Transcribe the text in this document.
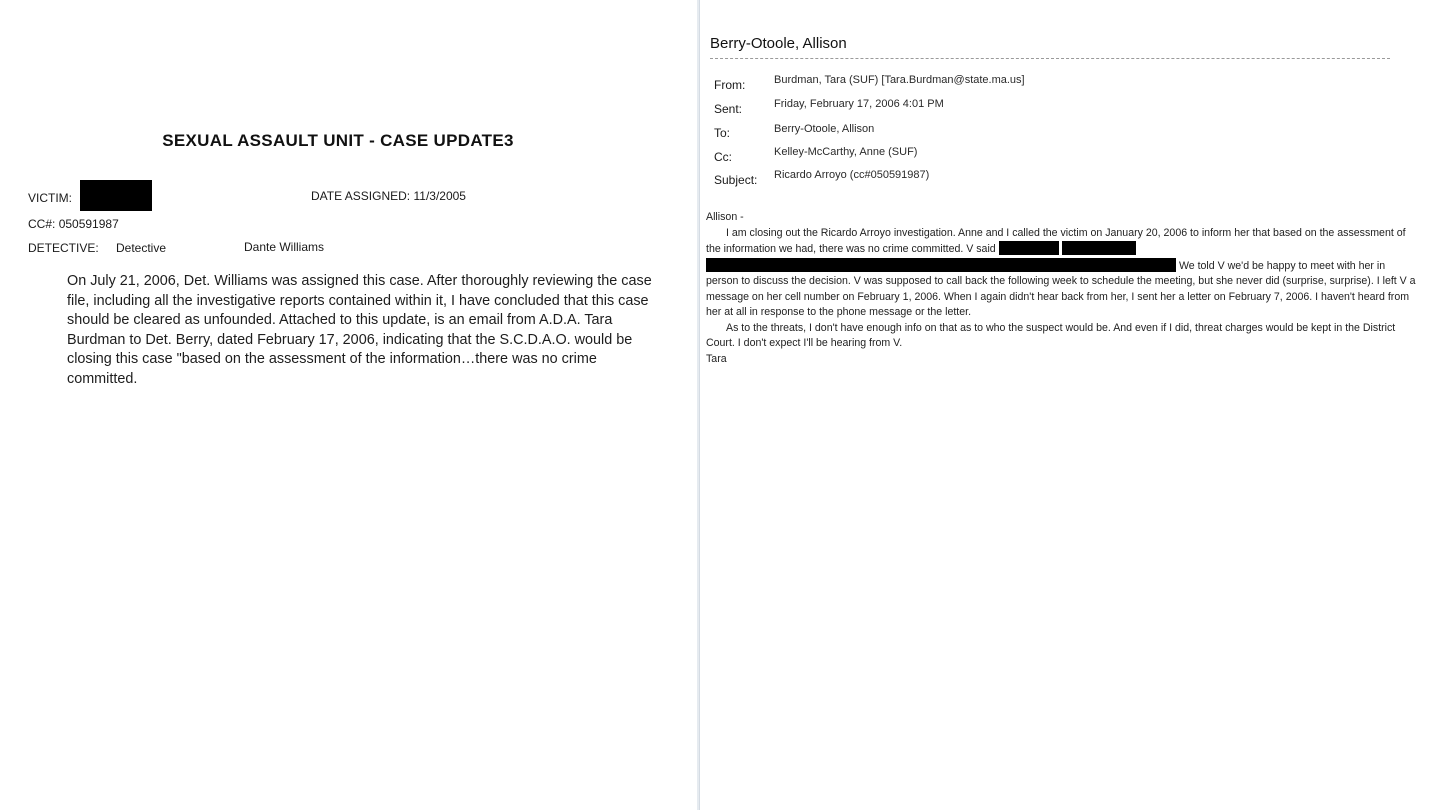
SEXUAL ASSAULT UNIT - CASE UPDATE3
VICTIM:	DATE ASSIGNED: 11/3/2005
CC#: 050591987
DETECTIVE: Detective	Dante Williams

On July 21, 2006, Det. Williams was assigned this case. After thoroughly reviewing the case file, including all the investigative reports contained within it, I have concluded that this case should be cleared as unfounded. Attached to this update, is an email from A.D.A. Tara Burdman to Det. Berry, dated February 17, 2006, indicating that the S.C.D.A.O. would be closing this case "based on the assessment of the information…there was no crime committed.

Berry-Otoole, Allison
From:	Burdman, Tara (SUF) [Tara.Burdman@state.ma.us]
Sent:	Friday, February 17, 2006 4:01 PM
To:	Berry-Otoole, Allison
Cc:	Kelley-McCarthy, Anne (SUF)
Subject: Ricardo Arroyo (cc#050591987)

Allison -

I am closing out the Ricardo Arroyo investigation. Anne and I called the victim on January 20, 2006 to inform her that based on the assessment of the information we had, there was no crime committed. V said    We told V we'd be happy to meet with her in person to discuss the decision. V was supposed to call back the following week to schedule the meeting, but she never did (surprise, surprise). I left V a message on her cell number on February 1, 2006. When I again didn't hear back from her, I sent her a letter on February 7, 2006. I haven't heard from her at all in response to the phone message or the letter.

As to the threats, I don't have enough info on that as to who the suspect would be. And even if I did, threat charges would be kept in the District Court. I don't expect I'll be hearing from V.

Tara
